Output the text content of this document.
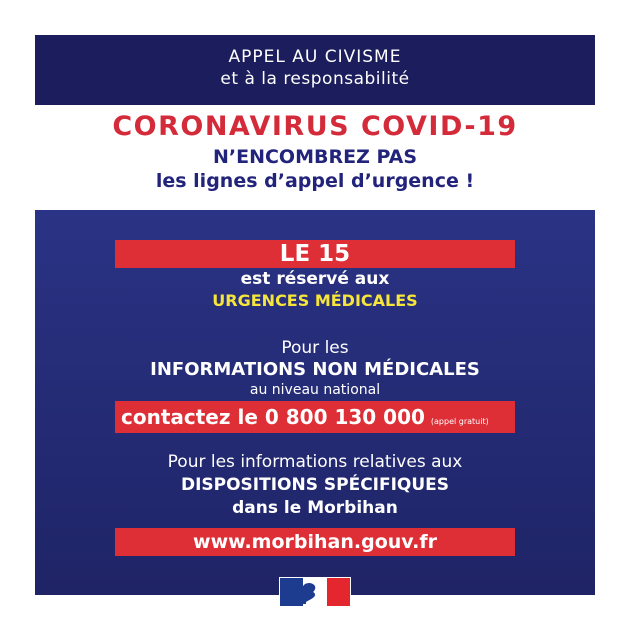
APPEL AU CIVISME
et à la responsabilité
CORONAVIRUS COVID-19
N’ENCOMBREZ PAS
les lignes d’appel d’urgence !
LE 15
est réservé aux
URGENCES MÉDICALES
Pour les
INFORMATIONS NON MÉDICALES
au niveau national
contactez le 0 800 130 000 (appel gratuit)
Pour les informations relatives aux
DISPOSITIONS SPÉCIFIQUES
dans le Morbihan
www.morbihan.gouv.fr
